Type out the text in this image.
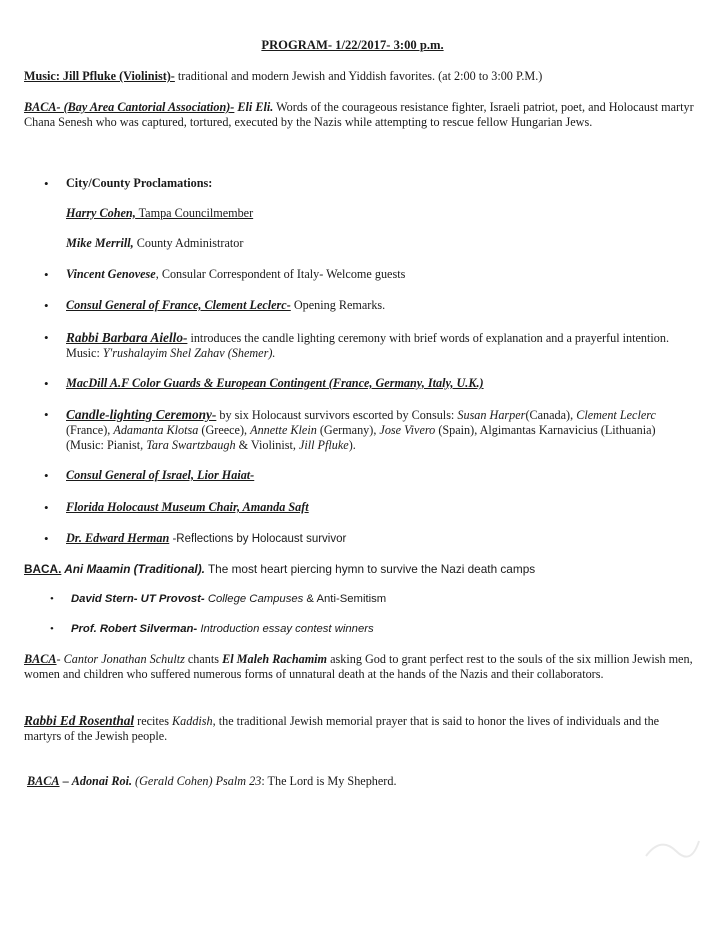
PROGRAM- 1/22/2017- 3:00 p.m.
Music: Jill Pfluke (Violinist)- traditional and modern Jewish and Yiddish favorites. (at 2:00 to 3:00 P.M.)
BACA- (Bay Area Cantorial Association)- Eli Eli. Words of the courageous resistance fighter, Israeli patriot, poet, and Holocaust martyr Chana Senesh who was captured, tortured, executed by the Nazis while attempting to rescue fellow Hungarian Jews.
• City/County Proclamations:
Harry Cohen, Tampa Councilmember
Mike Merrill, County Administrator
• Vincent Genovese, Consular Correspondent of Italy- Welcome guests
• Consul General of France, Clement Leclerc- Opening Remarks.
• Rabbi Barbara Aiello- introduces the candle lighting ceremony with brief words of explanation and a prayerful intention. Music: Y'rushalayim Shel Zahav (Shemer).
• MacDill A.F Color Guards & European Contingent (France, Germany, Italy, U.K.)
• Candle-lighting Ceremony- by six Holocaust survivors escorted by Consuls: Susan Harper(Canada), Clement Leclerc (France), Adamanta Klotsa (Greece), Annette Klein (Germany), Jose Vivero (Spain), Algimantas Karnavicius (Lithuania) (Music: Pianist, Tara Swartzbaugh & Violinist, Jill Pfluke).
• Consul General of Israel, Lior Haiat-
• Florida Holocaust Museum Chair, Amanda Saft
• Dr. Edward Herman -Reflections by Holocaust survivor
BACA. Ani Maamin (Traditional). The most heart piercing hymn to survive the Nazi death camps
• David Stern- UT Provost- College Campuses & Anti-Semitism
• Prof. Robert Silverman- Introduction essay contest winners
BACA- Cantor Jonathan Schultz chants El Maleh Rachamim asking God to grant perfect rest to the souls of the six million Jewish men, women and children who suffered numerous forms of unnatural death at the hands of the Nazis and their collaborators.
Rabbi Ed Rosenthal recites Kaddish, the traditional Jewish memorial prayer that is said to honor the lives of individuals and the martyrs of the Jewish people.
BACA – Adonai Roi. (Gerald Cohen) Psalm 23: The Lord is My Shepherd.
